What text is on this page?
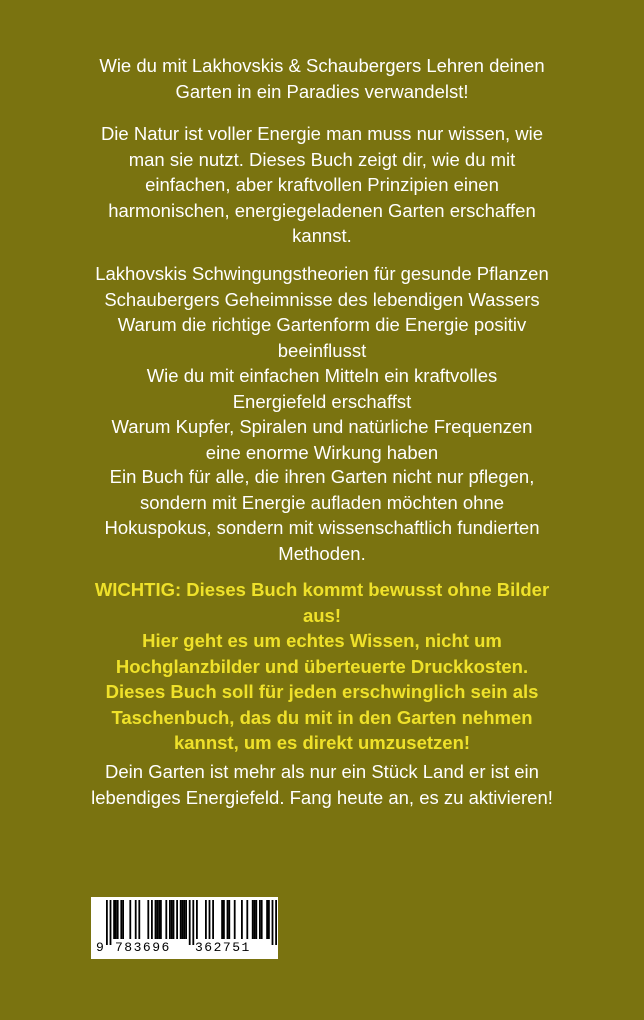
Wie du mit Lakhovskis & Schaubergers Lehren deinen
Garten in ein Paradies verwandelst!
Die Natur ist voller Energie man muss nur wissen, wie
man sie nutzt. Dieses Buch zeigt dir, wie du mit
einfachen, aber kraftvollen Prinzipien einen
harmonischen, energiegeladenen Garten erschaffen
kannst.
Lakhovskis Schwingungstheorien für gesunde Pflanzen
Schaubergers Geheimnisse des lebendigen Wassers
Warum die richtige Gartenform die Energie positiv
beeinflusst
Wie du mit einfachen Mitteln ein kraftvolles
Energiefeld erschaffst
Warum Kupfer, Spiralen und natürliche Frequenzen
eine enorme Wirkung haben
Ein Buch für alle, die ihren Garten nicht nur pflegen,
sondern mit Energie aufladen möchten ohne
Hokuspokus, sondern mit wissenschaftlich fundierten
Methoden.
WICHTIG: Dieses Buch kommt bewusst ohne Bilder
aus!
Hier geht es um echtes Wissen, nicht um
Hochglanzbilder und überteuerte Druckkosten.
Dieses Buch soll für jeden erschwinglich sein als
Taschenbuch, das du mit in den Garten nehmen
kannst, um es direkt umzusetzen!
Dein Garten ist mehr als nur ein Stück Land er ist ein
lebendiges Energiefeld. Fang heute an, es zu aktivieren!
9 783696 362751
